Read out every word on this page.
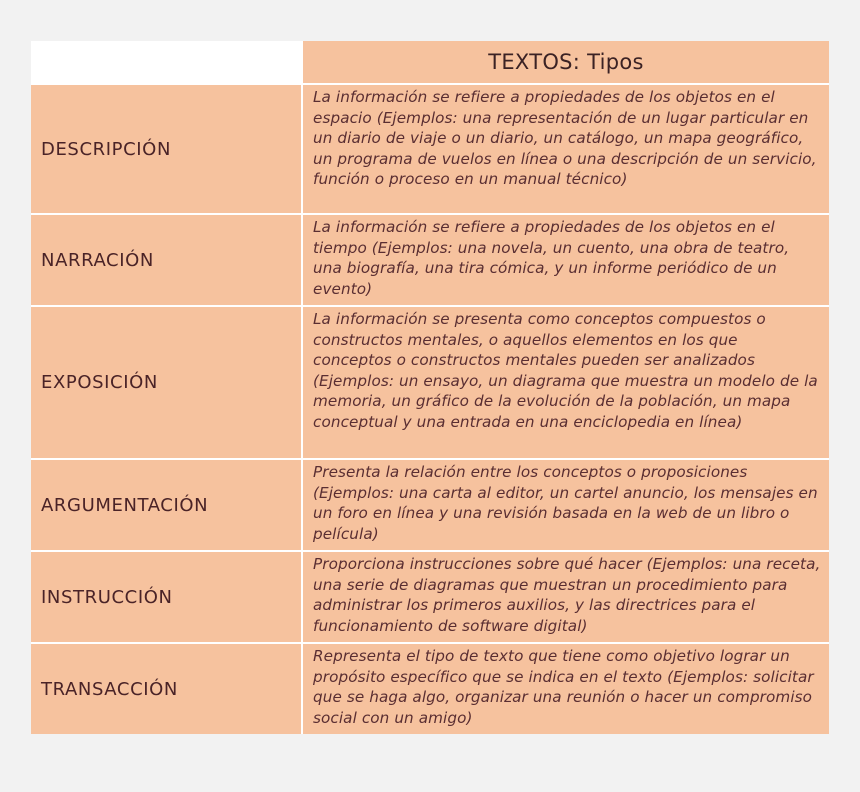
TEXTOS: Tipos
DESCRIPCIÓN
La información se refiere a propiedades de los objetos en el espacio (Ejemplos: una representación de un lugar particular en un diario de viaje o un diario, un catálogo, un mapa geográfico, un programa de vuelos en línea o una descripción de un servicio, función o proceso en un manual técnico)
NARRACIÓN
La información se refiere a propiedades de los objetos en el tiempo (Ejemplos: una novela, un cuento, una obra de teatro, una biografía, una tira cómica, y un informe periódico de un evento)
EXPOSICIÓN
La información se presenta como conceptos compuestos o constructos mentales, o aquellos elementos en los que conceptos o constructos mentales pueden ser analizados (Ejemplos: un ensayo, un diagrama que muestra un modelo de la memoria, un gráfico de la evolución de la población, un mapa conceptual y una entrada en una enciclopedia en línea)
ARGUMENTACIÓN
Presenta la relación entre los conceptos o proposiciones (Ejemplos: una carta al editor, un cartel anuncio, los mensajes en un foro en línea y una revisión basada en la web de un libro o película)
INSTRUCCIÓN
Proporciona instrucciones sobre qué hacer (Ejemplos: una receta, una serie de diagramas que muestran un procedimiento para administrar los primeros auxilios, y las directrices para el funcionamiento de software digital)
TRANSACCIÓN
Representa el tipo de texto que tiene como objetivo lograr un propósito específico que se indica en el texto (Ejemplos: solicitar que se haga algo, organizar una reunión o hacer un compromiso social con un amigo)
